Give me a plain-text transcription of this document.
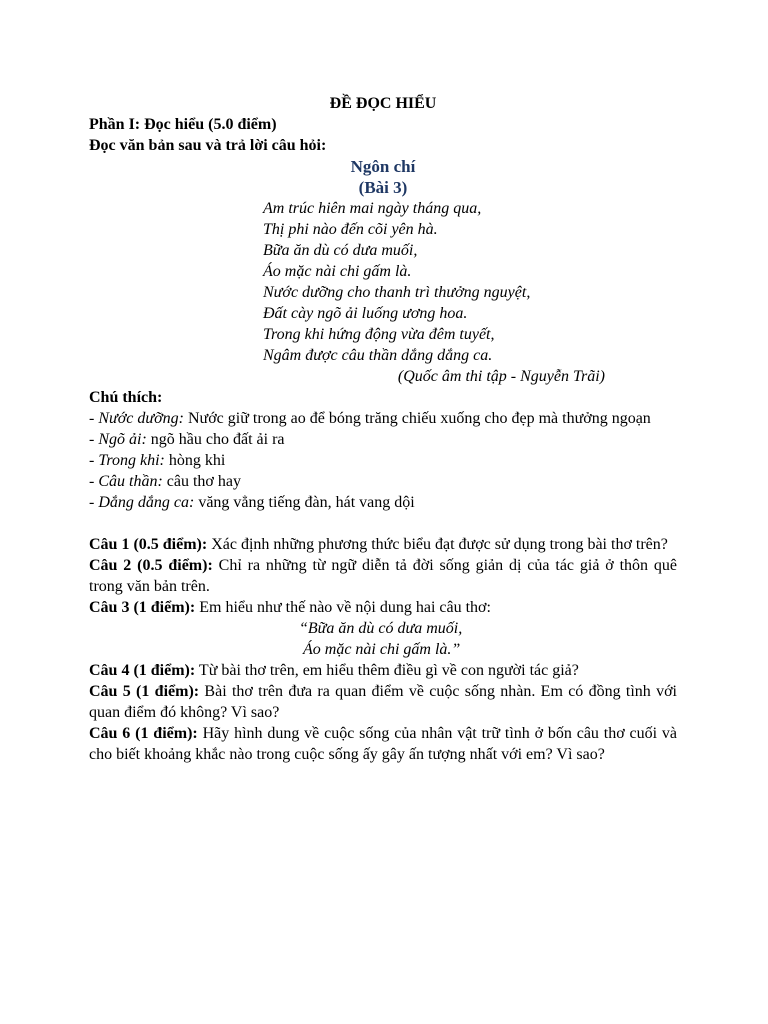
ĐỀ ĐỌC HIỂU
Phần I: Đọc hiểu (5.0 điểm)
Đọc văn bản sau và trả lời câu hỏi:
Ngôn chí
(Bài 3)
Am trúc hiên mai ngày tháng qua,
Thị phi nào đến cõi yên hà.
Bữa ăn dù có dưa muối,
Áo mặc nài chi gấm là.
Nước dưỡng cho thanh trì thưởng nguyệt,
Đất cày ngõ ải luống ương hoa.
Trong khi hứng động vừa đêm tuyết,
Ngâm được câu thần dắng dắng ca.
(Quốc âm thi tập - Nguyễn Trãi)
Chú thích:
- Nước dưỡng: Nước giữ trong ao để bóng trăng chiếu xuống cho đẹp mà thưởng ngoạn
- Ngõ ải: ngõ hầu cho đất ải ra
- Trong khi: hòng khi
- Câu thần: câu thơ hay
- Dắng dắng ca: văng vẳng tiếng đàn, hát vang dội
Câu 1 (0.5 điểm): Xác định những phương thức biểu đạt được sử dụng trong bài thơ trên?
Câu 2 (0.5 điểm): Chỉ ra những từ ngữ diễn tả đời sống giản dị của tác giả ở thôn quê trong văn bản trên.
Câu 3 (1 điểm): Em hiểu như thế nào về nội dung hai câu thơ:
“Bữa ăn dù có dưa muối,
Áo mặc nài chi gấm là.”
Câu 4 (1 điểm): Từ bài thơ trên, em hiểu thêm điều gì về con người tác giả?
Câu 5 (1 điểm): Bài thơ trên đưa ra quan điểm về cuộc sống nhàn. Em có đồng tình với quan điểm đó không? Vì sao?
Câu 6 (1 điểm): Hãy hình dung về cuộc sống của nhân vật trữ tình ở bốn câu thơ cuối và cho biết khoảng khắc nào trong cuộc sống ấy gây ấn tượng nhất với em? Vì sao?
